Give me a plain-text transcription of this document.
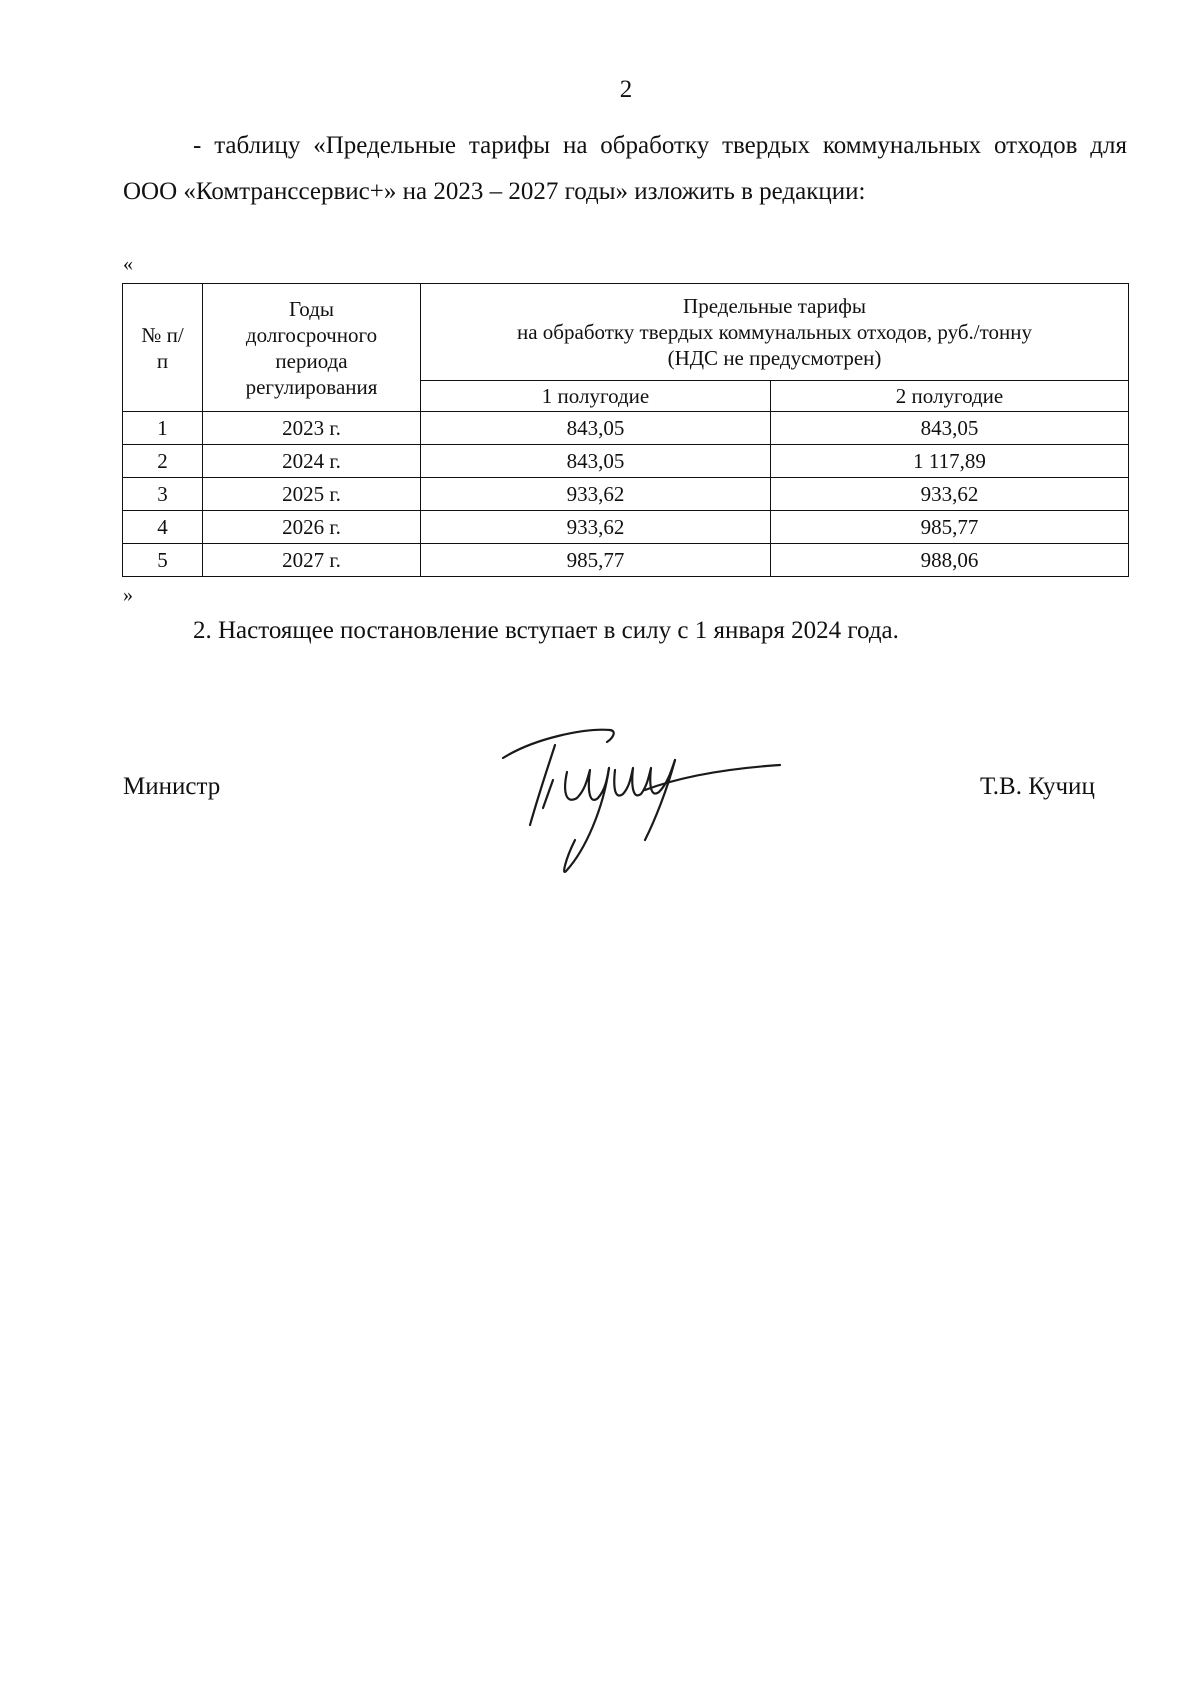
2
- таблицу «Предельные тарифы на обработку твердых коммунальных отходов для ООО «Комтранссервис+» на 2023 – 2027 годы» изложить в редакции:
«
№ п/п	Годы долгосрочного периода регулирования	Предельные тарифы
на обработку твердых коммунальных отходов, руб./тонну
(НДС не предусмотрен)	

		1 полугодие	2 полугодие
1	2023 г.	843,05	843,05
2	2024 г.	843,05	1 117,89
3	2025 г.	933,62	933,62
4	2026 г.	933,62	985,77
5	2027 г.	985,77	988,06
»
2. Настоящее постановление вступает в силу с 1 января 2024 года.
Министр	Т.В. Кучиц
